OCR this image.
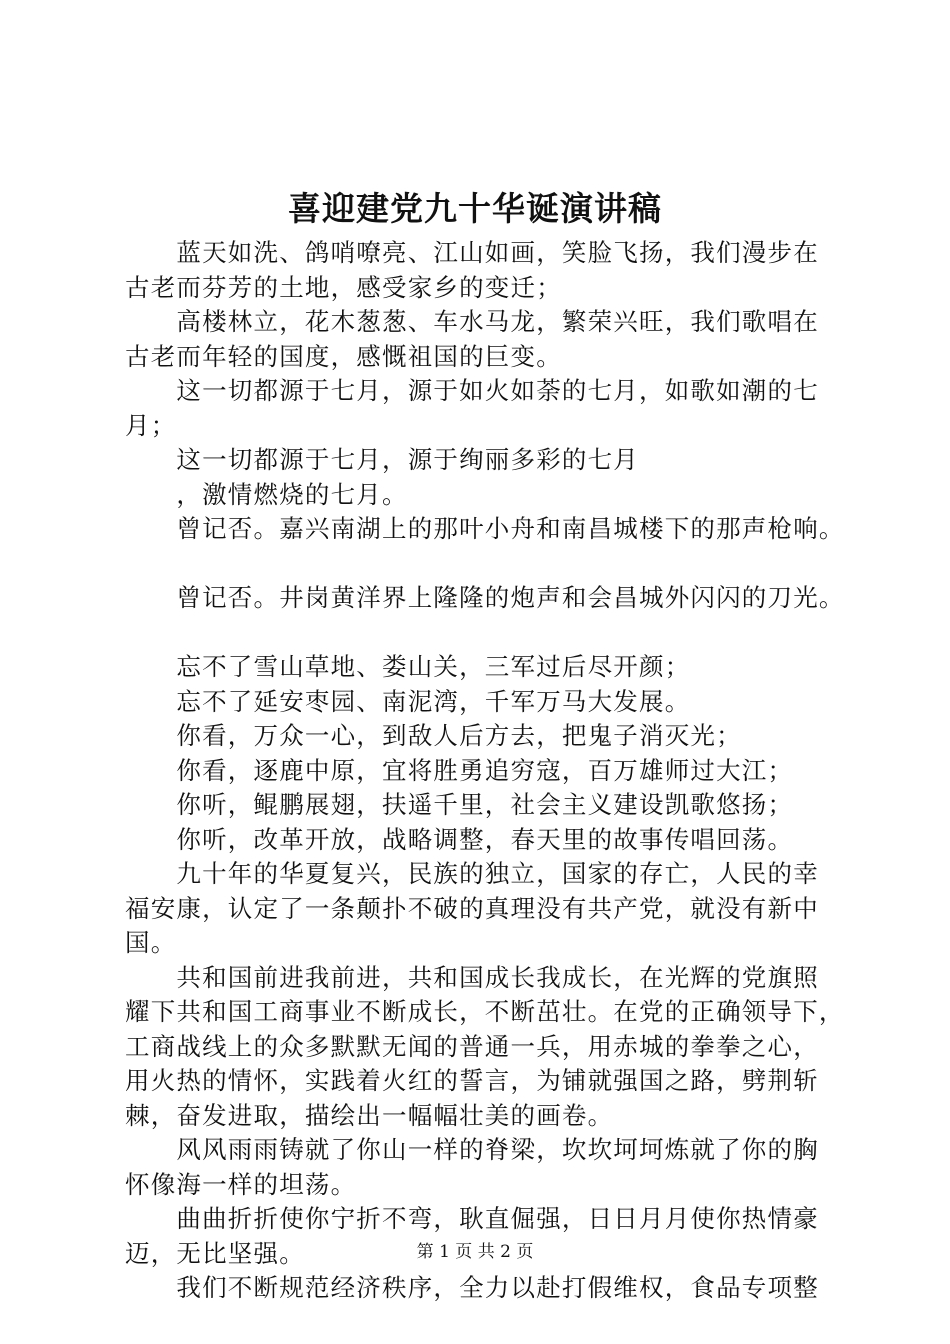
喜迎建党九十华诞演讲稿
　　蓝天如洗、鸽哨嘹亮、江山如画，笑脸飞扬，我们漫步在
古老而芬芳的土地，感受家乡的变迁；
　　高楼林立，花木葱葱、车水马龙，繁荣兴旺，我们歌唱在
古老而年轻的国度，感慨祖国的巨变。
　　这一切都源于七月，源于如火如荼的七月，如歌如潮的七
月；
　　这一切都源于七月，源于绚丽多彩的七月
　　，激情燃烧的七月。
　　曾记否。嘉兴南湖上的那叶小舟和南昌城楼下的那声枪响。
　　曾记否。井岗黄洋界上隆隆的炮声和会昌城外闪闪的刀光。
　　忘不了雪山草地、娄山关，三军过后尽开颜；
　　忘不了延安枣园、南泥湾，千军万马大发展。
　　你看，万众一心，到敌人后方去，把鬼子消灭光；
　　你看，逐鹿中原，宜将胜勇追穷寇，百万雄师过大江；
　　你听，鲲鹏展翅，扶遥千里，社会主义建设凯歌悠扬；
　　你听，改革开放，战略调整，春天里的故事传唱回荡。
　　九十年的华夏复兴，民族的独立，国家的存亡，人民的幸
福安康，认定了一条颠扑不破的真理没有共产党，就没有新中
国。
　　共和国前进我前进，共和国成长我成长，在光辉的党旗照
耀下共和国工商事业不断成长，不断茁壮。在党的正确领导下，
工商战线上的众多默默无闻的普通一兵，用赤城的拳拳之心，
用火热的情怀，实践着火红的誓言，为铺就强国之路，劈荆斩
棘，奋发进取，描绘出一幅幅壮美的画卷。
　　风风雨雨铸就了你山一样的脊梁，坎坎坷坷炼就了你的胸
怀像海一样的坦荡。
　　曲曲折折使你宁折不弯，耿直倔强，日日月月使你热情豪
迈，无比坚强。
　　我们不断规范经济秩序，全力以赴打假维权，食品专项整
第 1 页 共 2 页
